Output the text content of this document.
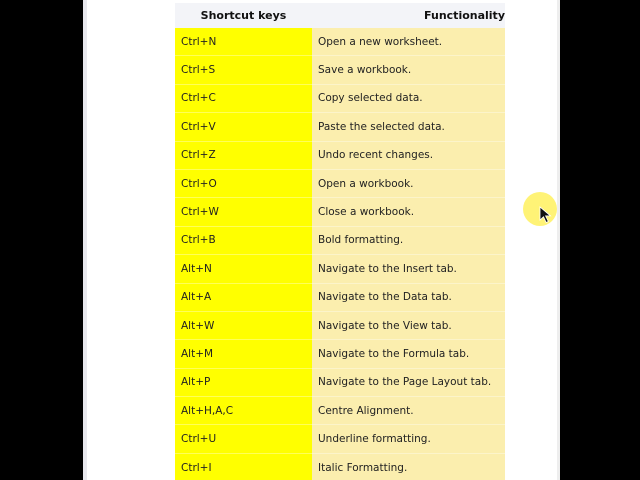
Shortcut keys	Functionality
Ctrl+N	Open a new worksheet.
Ctrl+S	Save a workbook.
Ctrl+C	Copy selected data.
Ctrl+V	Paste the selected data.
Ctrl+Z	Undo recent changes.
Ctrl+O	Open a workbook.
Ctrl+W	Close a workbook.
Ctrl+B	Bold formatting.
Alt+N	Navigate to the Insert tab.
Alt+A	Navigate to the Data tab.
Alt+W	Navigate to the View tab.
Alt+M	Navigate to the Formula tab.
Alt+P	Navigate to the Page Layout tab.
Alt+H,A,C	Centre Alignment.
Ctrl+U	Underline formatting.
Ctrl+I	Italic Formatting.
